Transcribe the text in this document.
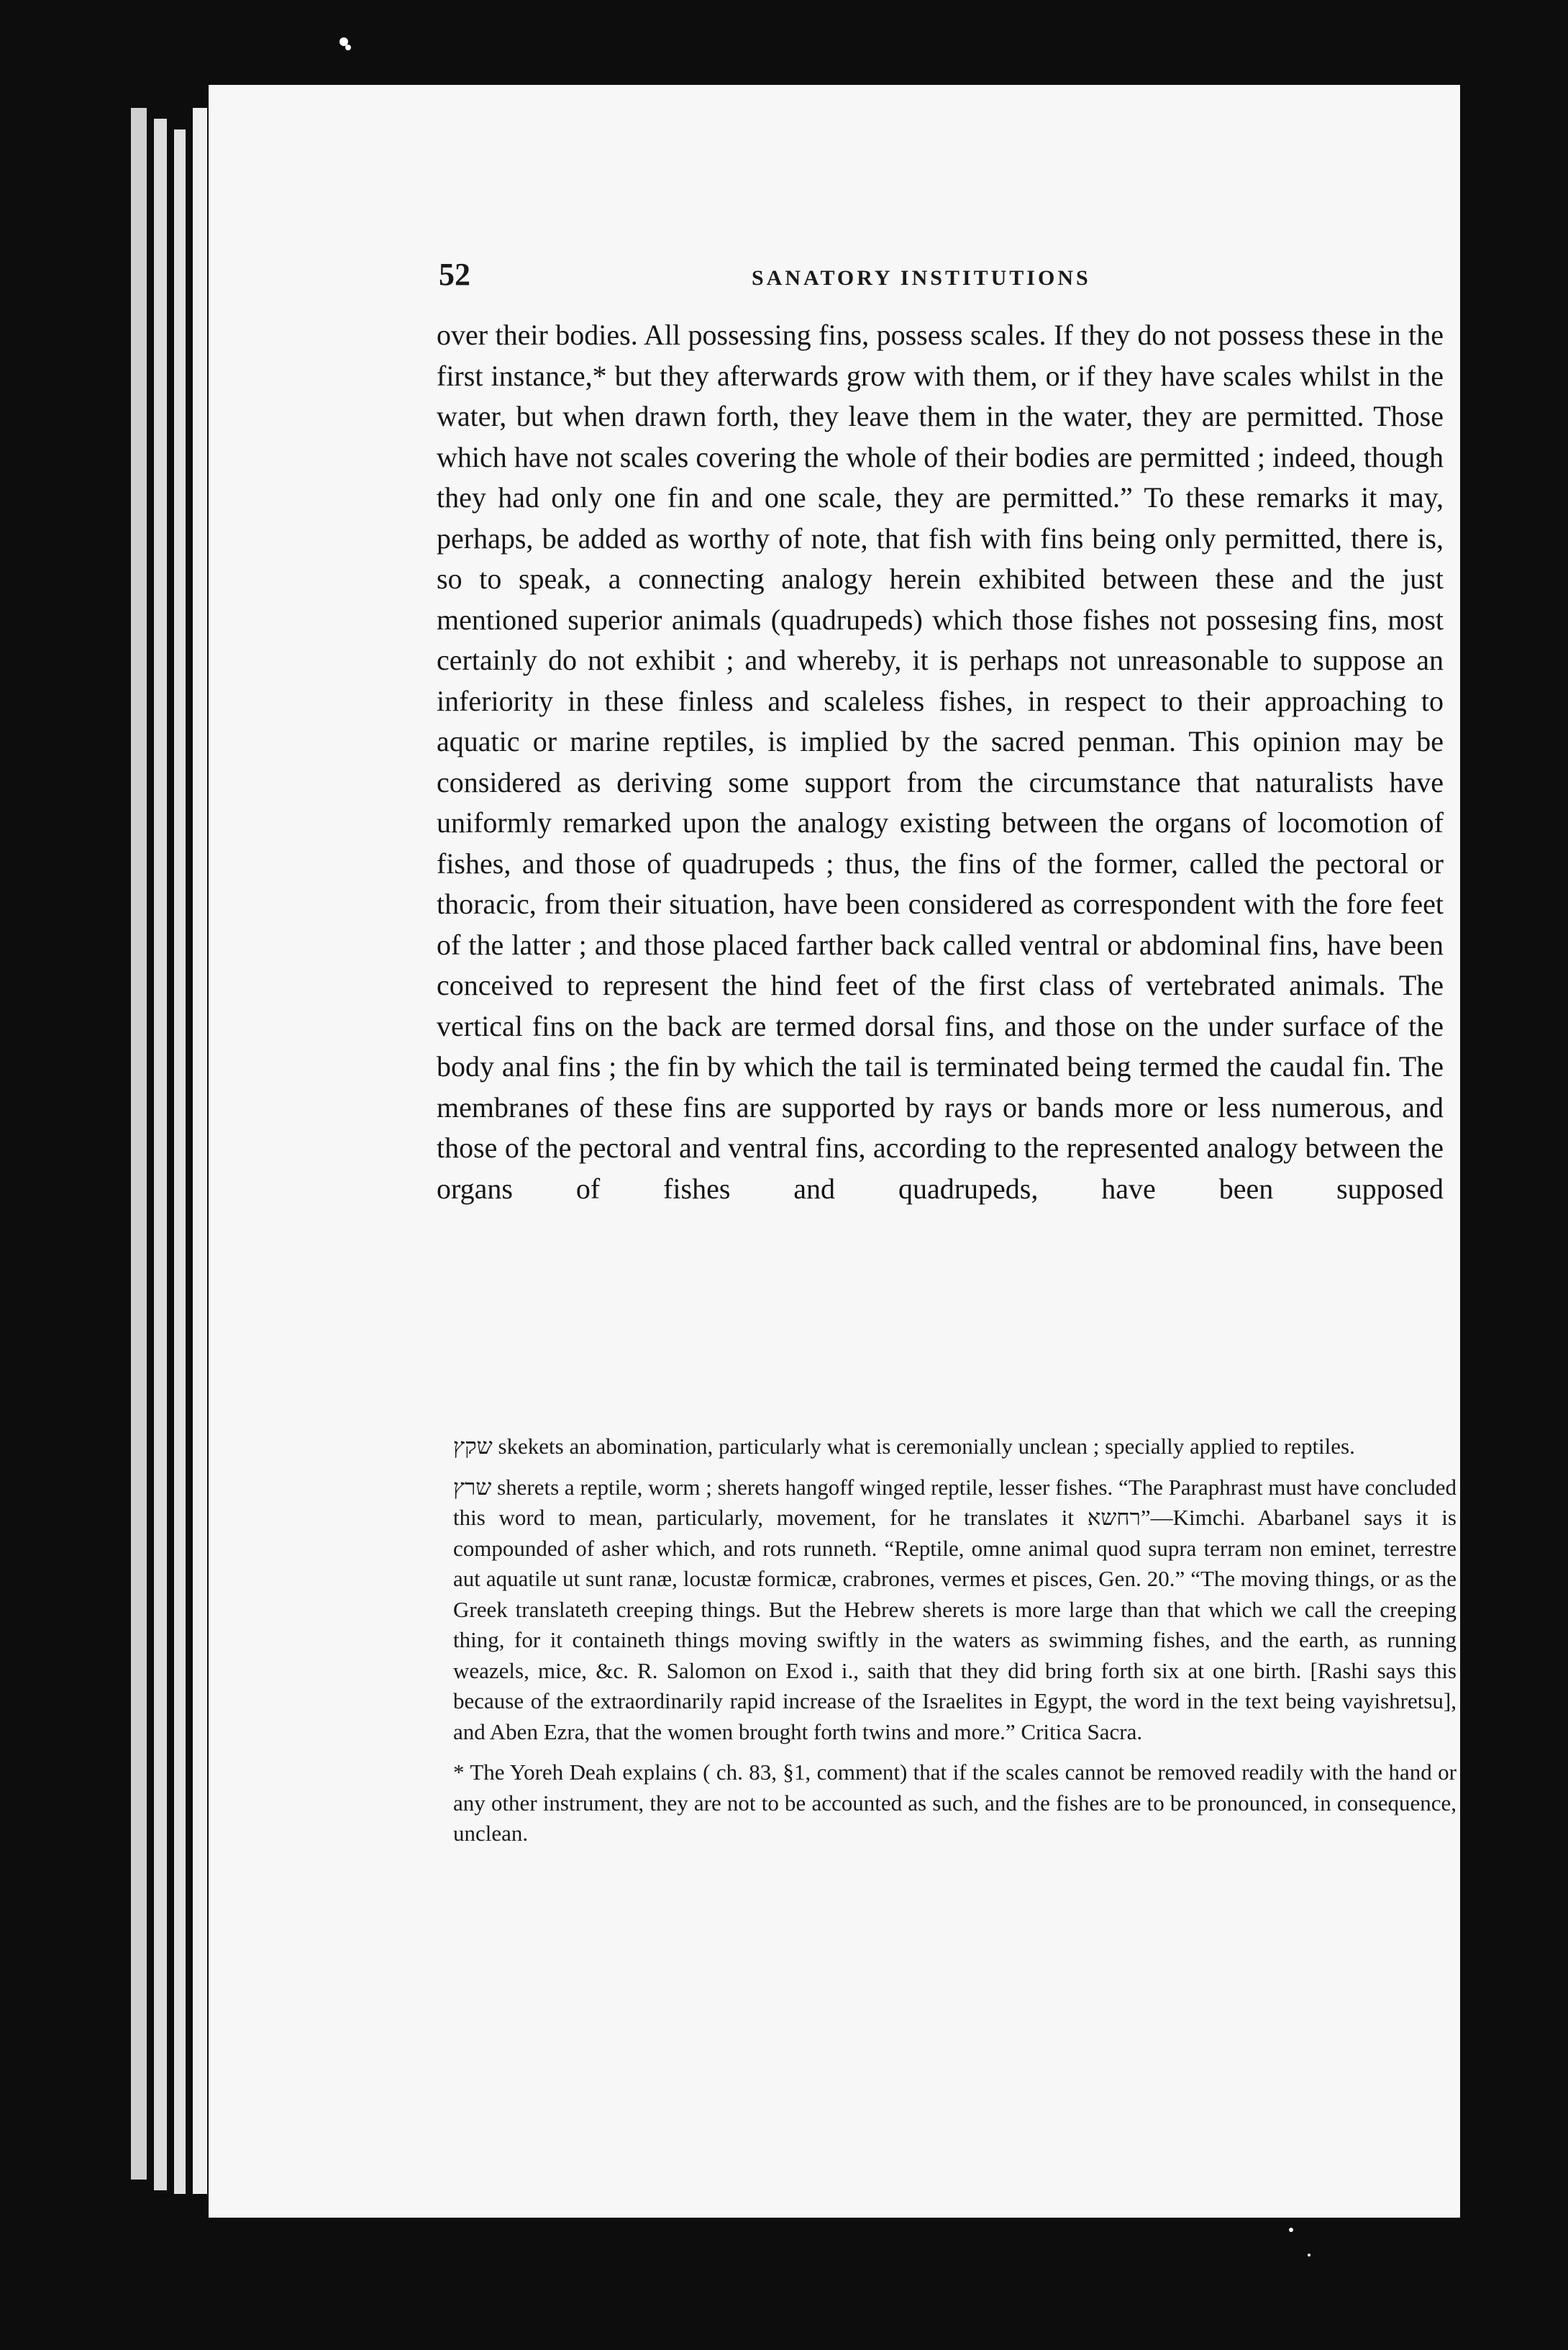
52	SANATORY INSTITUTIONS

over their bodies. All possessing fins, possess scales. If they do not possess these in the first instance,* but they afterwards grow with them, or if they have scales whilst in the water, but when drawn forth, they leave them in the water, they are permitted. Those which have not scales covering the whole of their bodies are permitted ; indeed, though they had only one fin and one scale, they are permitted.” To these remarks it may, perhaps, be added as worthy of note, that fish with fins being only permitted, there is, so to speak, a connecting analogy herein exhibited between these and the just mentioned superior animals (quadrupeds) which those fishes not possesing fins, most certainly do not exhibit ; and whereby, it is perhaps not unreasonable to suppose an inferiority in these finless and scaleless fishes, in respect to their approaching to aquatic or marine reptiles, is implied by the sacred penman. This opinion may be considered as deriving some support from the circumstance that naturalists have uniformly remarked upon the analogy existing between the organs of locomotion of fishes, and those of quadrupeds ; thus, the fins of the former, called the pectoral or thoracic, from their situation, have been considered as correspondent with the fore feet of the latter ; and those placed farther back called ventral or abdominal fins, have been conceived to represent the hind feet of the first class of vertebrated animals. The vertical fins on the back are termed dorsal fins, and those on the under surface of the body anal fins ; the fin by which the tail is terminated being termed the caudal fin. The membranes of these fins are supported by rays or bands more or less numerous, and those of the pectoral and ventral fins, according to the represented analogy between the organs of fishes and quadrupeds, have been supposed

שקץ skekets an abomination, particularly what is ceremonially unclean ; specially applied to reptiles.

שרץ sherets a reptile, worm ; sherets hangoff winged reptile, lesser fishes. “The Paraphrast must have concluded this word to mean, particularly, movement, for he translates it רחשא”—Kimchi. Abarbanel says it is compounded of asher which, and rots runneth. “Reptile, omne animal quod supra terram non eminet, terrestre aut aquatile ut sunt ranæ, locustæ formicæ, crabrones, vermes et pisces, Gen. 20.” “The moving things, or as the Greek translateth creeping things. But the Hebrew sherets is more large than that which we call the creeping thing, for it containeth things moving swiftly in the waters as swimming fishes, and the earth, as running weazels, mice, &c. R. Salomon on Exod i., saith that they did bring forth six at one birth. [Rashi says this because of the extraordinarily rapid increase of the Israelites in Egypt, the word in the text being vayishretsu], and Aben Ezra, that the women brought forth twins and more.” Critica Sacra.

* The Yoreh Deah explains ( ch. 83, §1, comment) that if the scales cannot be removed readily with the hand or any other instrument, they are not to be accounted as such, and the fishes are to be pronounced, in consequence, unclean.
